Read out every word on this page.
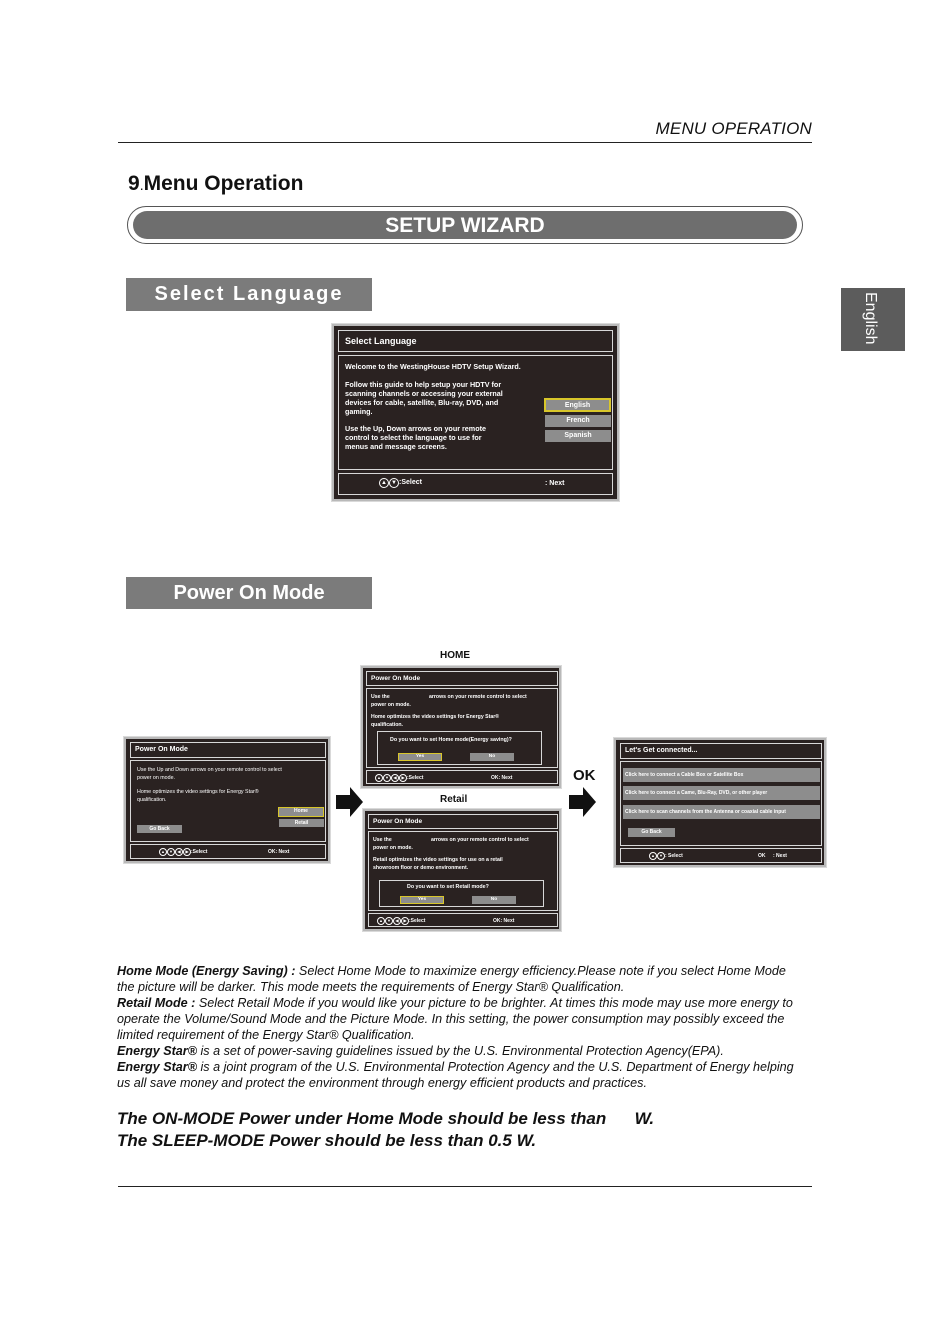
MENU OPERATION
9.Menu Operation
SETUP WIZARD
English
Select Language
Select Language
Welcome to the WestingHouse HDTV Setup Wizard.
Follow this guide to help setup your HDTV for
scanning channels or accessing your external
devices for cable, satellite, Blu-ray, DVD, and
gaming.
Use the Up, Down arrows on your remote
control to select the language to use for
menus and message screens.
English
French
Spanish
▲ ▼ :Select	: Next
Power On Mode
Power On Mode
Use the Up and Down arrows on your remote control to select
power on mode.
Home optimizes the video settings for Energy Star®
qualification.
Home
Retail
Go Back
▲ ▼ ◀ ▶ :Select	OK: Next
OK
HOME
Power On Mode
Use the	arrows on your remote control to select
power on mode.
Home optimizes the video settings for Energy Star®
qualification.
Do you want to set Home mode(Energy saving)?
Yes	No
▲ ▼ ◀ ▶ :Select	OK: Next
Retail
Power On Mode
Use the	arrows on your remote control to select
power on mode.
Retail optimizes the video settings for use on a retail
showroom floor or demo environment.
Do you want to set Retail mode?
Yes	No
▲ ▼ ◀ ▶ :Select	OK: Next
Let's Get connected...
Click here to connect a Cable Box or Satellite Box
Click here to connect a Came, Blu-Ray, DVD, or other player
Click here to scan channels from the Antenna or coaxial cable input
Go Back
▲ ▼ : Select	OK : Next
Home Mode (Energy Saving) : Select Home Mode to maximize energy efficiency.Please note if you select Home Mode
the picture will be darker. This mode meets the requirements of Energy Star® Qualification.
Retail Mode : Select Retail Mode if you would like your picture to be brighter. At times this mode may use more energy to
operate the Volume/Sound Mode and the Picture Mode. In this setting, the power consumption may possibly exceed the
limited requirement of the Energy Star® Qualification.
Energy Star® is a set of power-saving guidelines issued by the U.S. Environmental Protection Agency(EPA).
Energy Star® is a joint program of the U.S. Environmental Protection Agency and the U.S. Department of Energy helping
us all save money and protect the environment through energy efficient products and practices.
The ON-MODE Power under Home Mode should be less than      W.
The SLEEP-MODE Power should be less than 0.5 W.
